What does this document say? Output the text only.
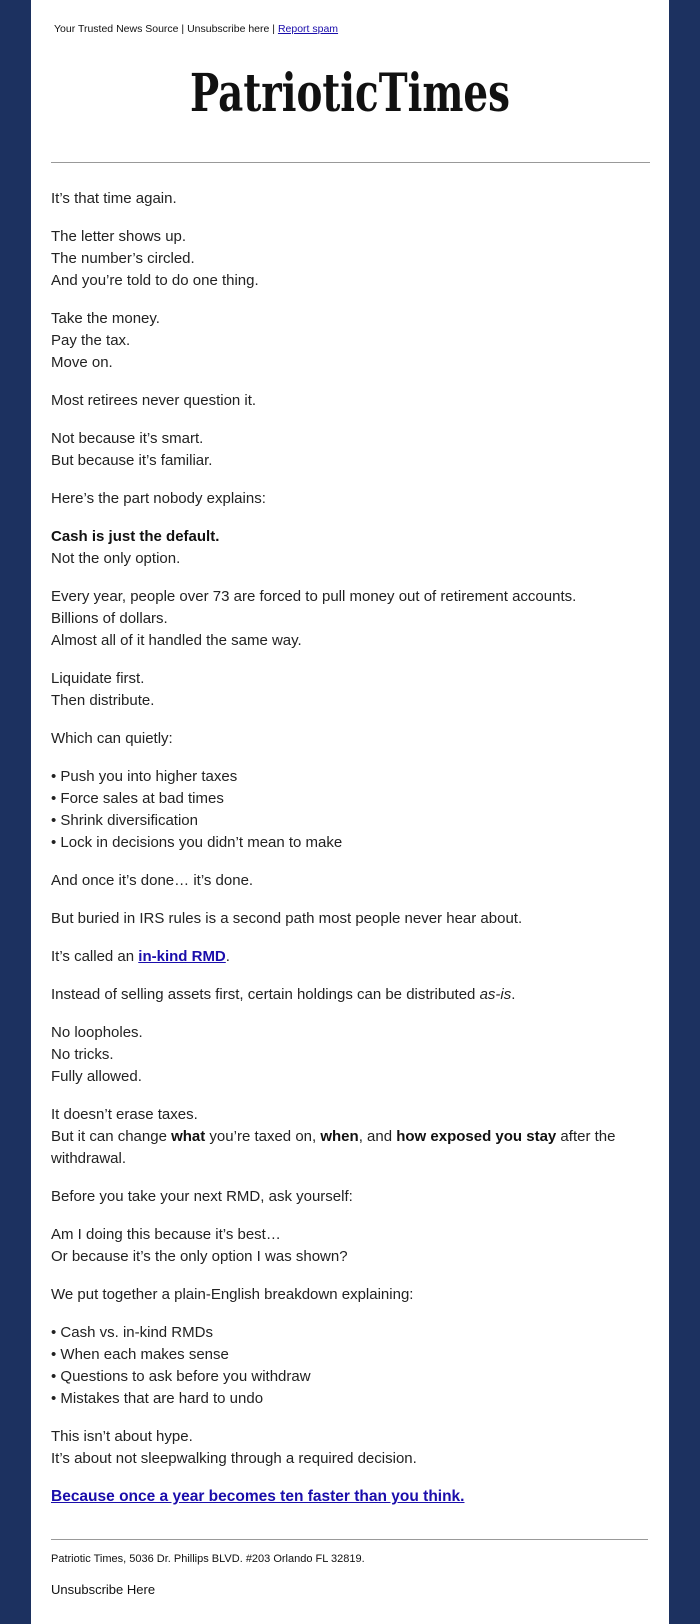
Your Trusted News Source | Unsubscribe here | Report spam
PatrioticTimes

It’s that time again.

The letter shows up.
The number’s circled.
And you’re told to do one thing.

Take the money.
Pay the tax.
Move on.

Most retirees never question it.

Not because it’s smart.
But because it’s familiar.

Here’s the part nobody explains:

Cash is just the default.
Not the only option.

Every year, people over 73 are forced to pull money out of retirement accounts.
Billions of dollars.
Almost all of it handled the same way.

Liquidate first.
Then distribute.

Which can quietly:

• Push you into higher taxes
• Force sales at bad times
• Shrink diversification
• Lock in decisions you didn’t mean to make

And once it’s done… it’s done.

But buried in IRS rules is a second path most people never hear about.

It’s called an in-kind RMD.

Instead of selling assets first, certain holdings can be distributed as-is.

No loopholes.
No tricks.
Fully allowed.

It doesn’t erase taxes.
But it can change what you’re taxed on, when, and how exposed you stay after the withdrawal.

Before you take your next RMD, ask yourself:

Am I doing this because it’s best…
Or because it’s the only option I was shown?

We put together a plain-English breakdown explaining:

• Cash vs. in-kind RMDs
• When each makes sense
• Questions to ask before you withdraw
• Mistakes that are hard to undo

This isn’t about hype.
It’s about not sleepwalking through a required decision.

Because once a year becomes ten faster than you think.

Patriotic Times, 5036 Dr. Phillips BLVD. #203 Orlando FL 32819.
Unsubscribe Here
